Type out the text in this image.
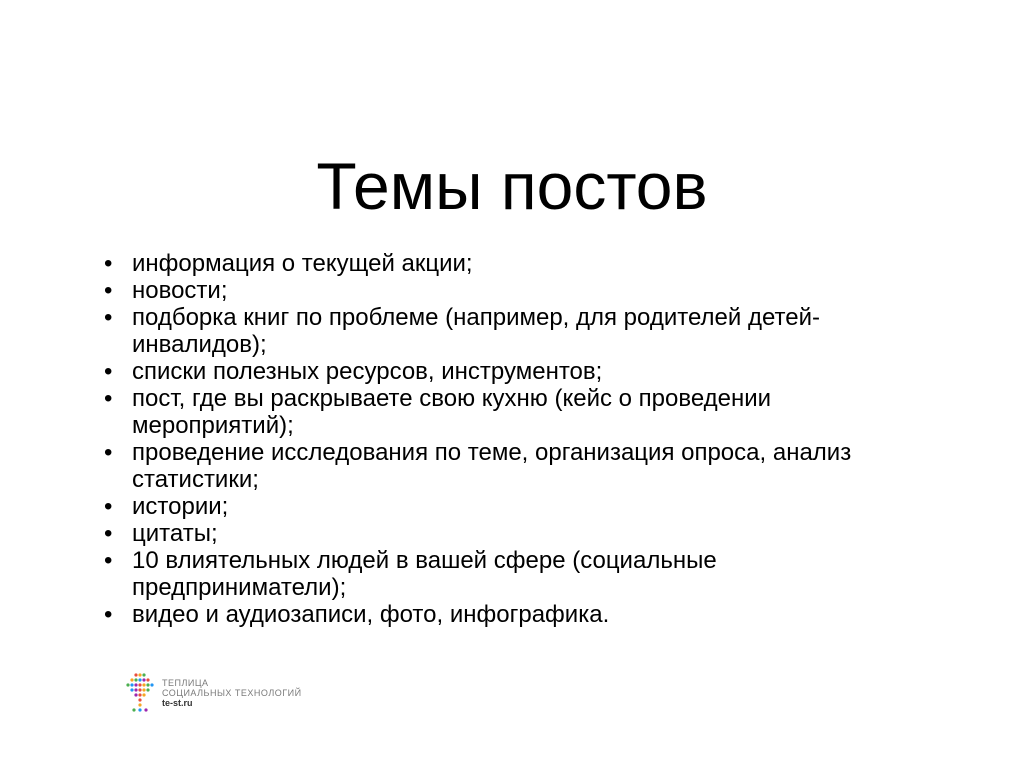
Темы постов
• информация о текущей акции;
• новости;
• подборка книг по проблеме (например, для родителей детей-инвалидов);
• списки полезных ресурсов, инструментов;
• пост, где вы раскрываете свою кухню (кейс о проведении мероприятий);
• проведение исследования по теме, организация опроса, анализ статистики;
• истории;
• цитаты;
• 10 влиятельных людей в вашей сфере (социальные предприниматели);
• видео и аудиозаписи, фото, инфографика.
ТЕПЛИЦА
СОЦИАЛЬНЫХ ТЕХНОЛОГИЙ
te-st.ru
